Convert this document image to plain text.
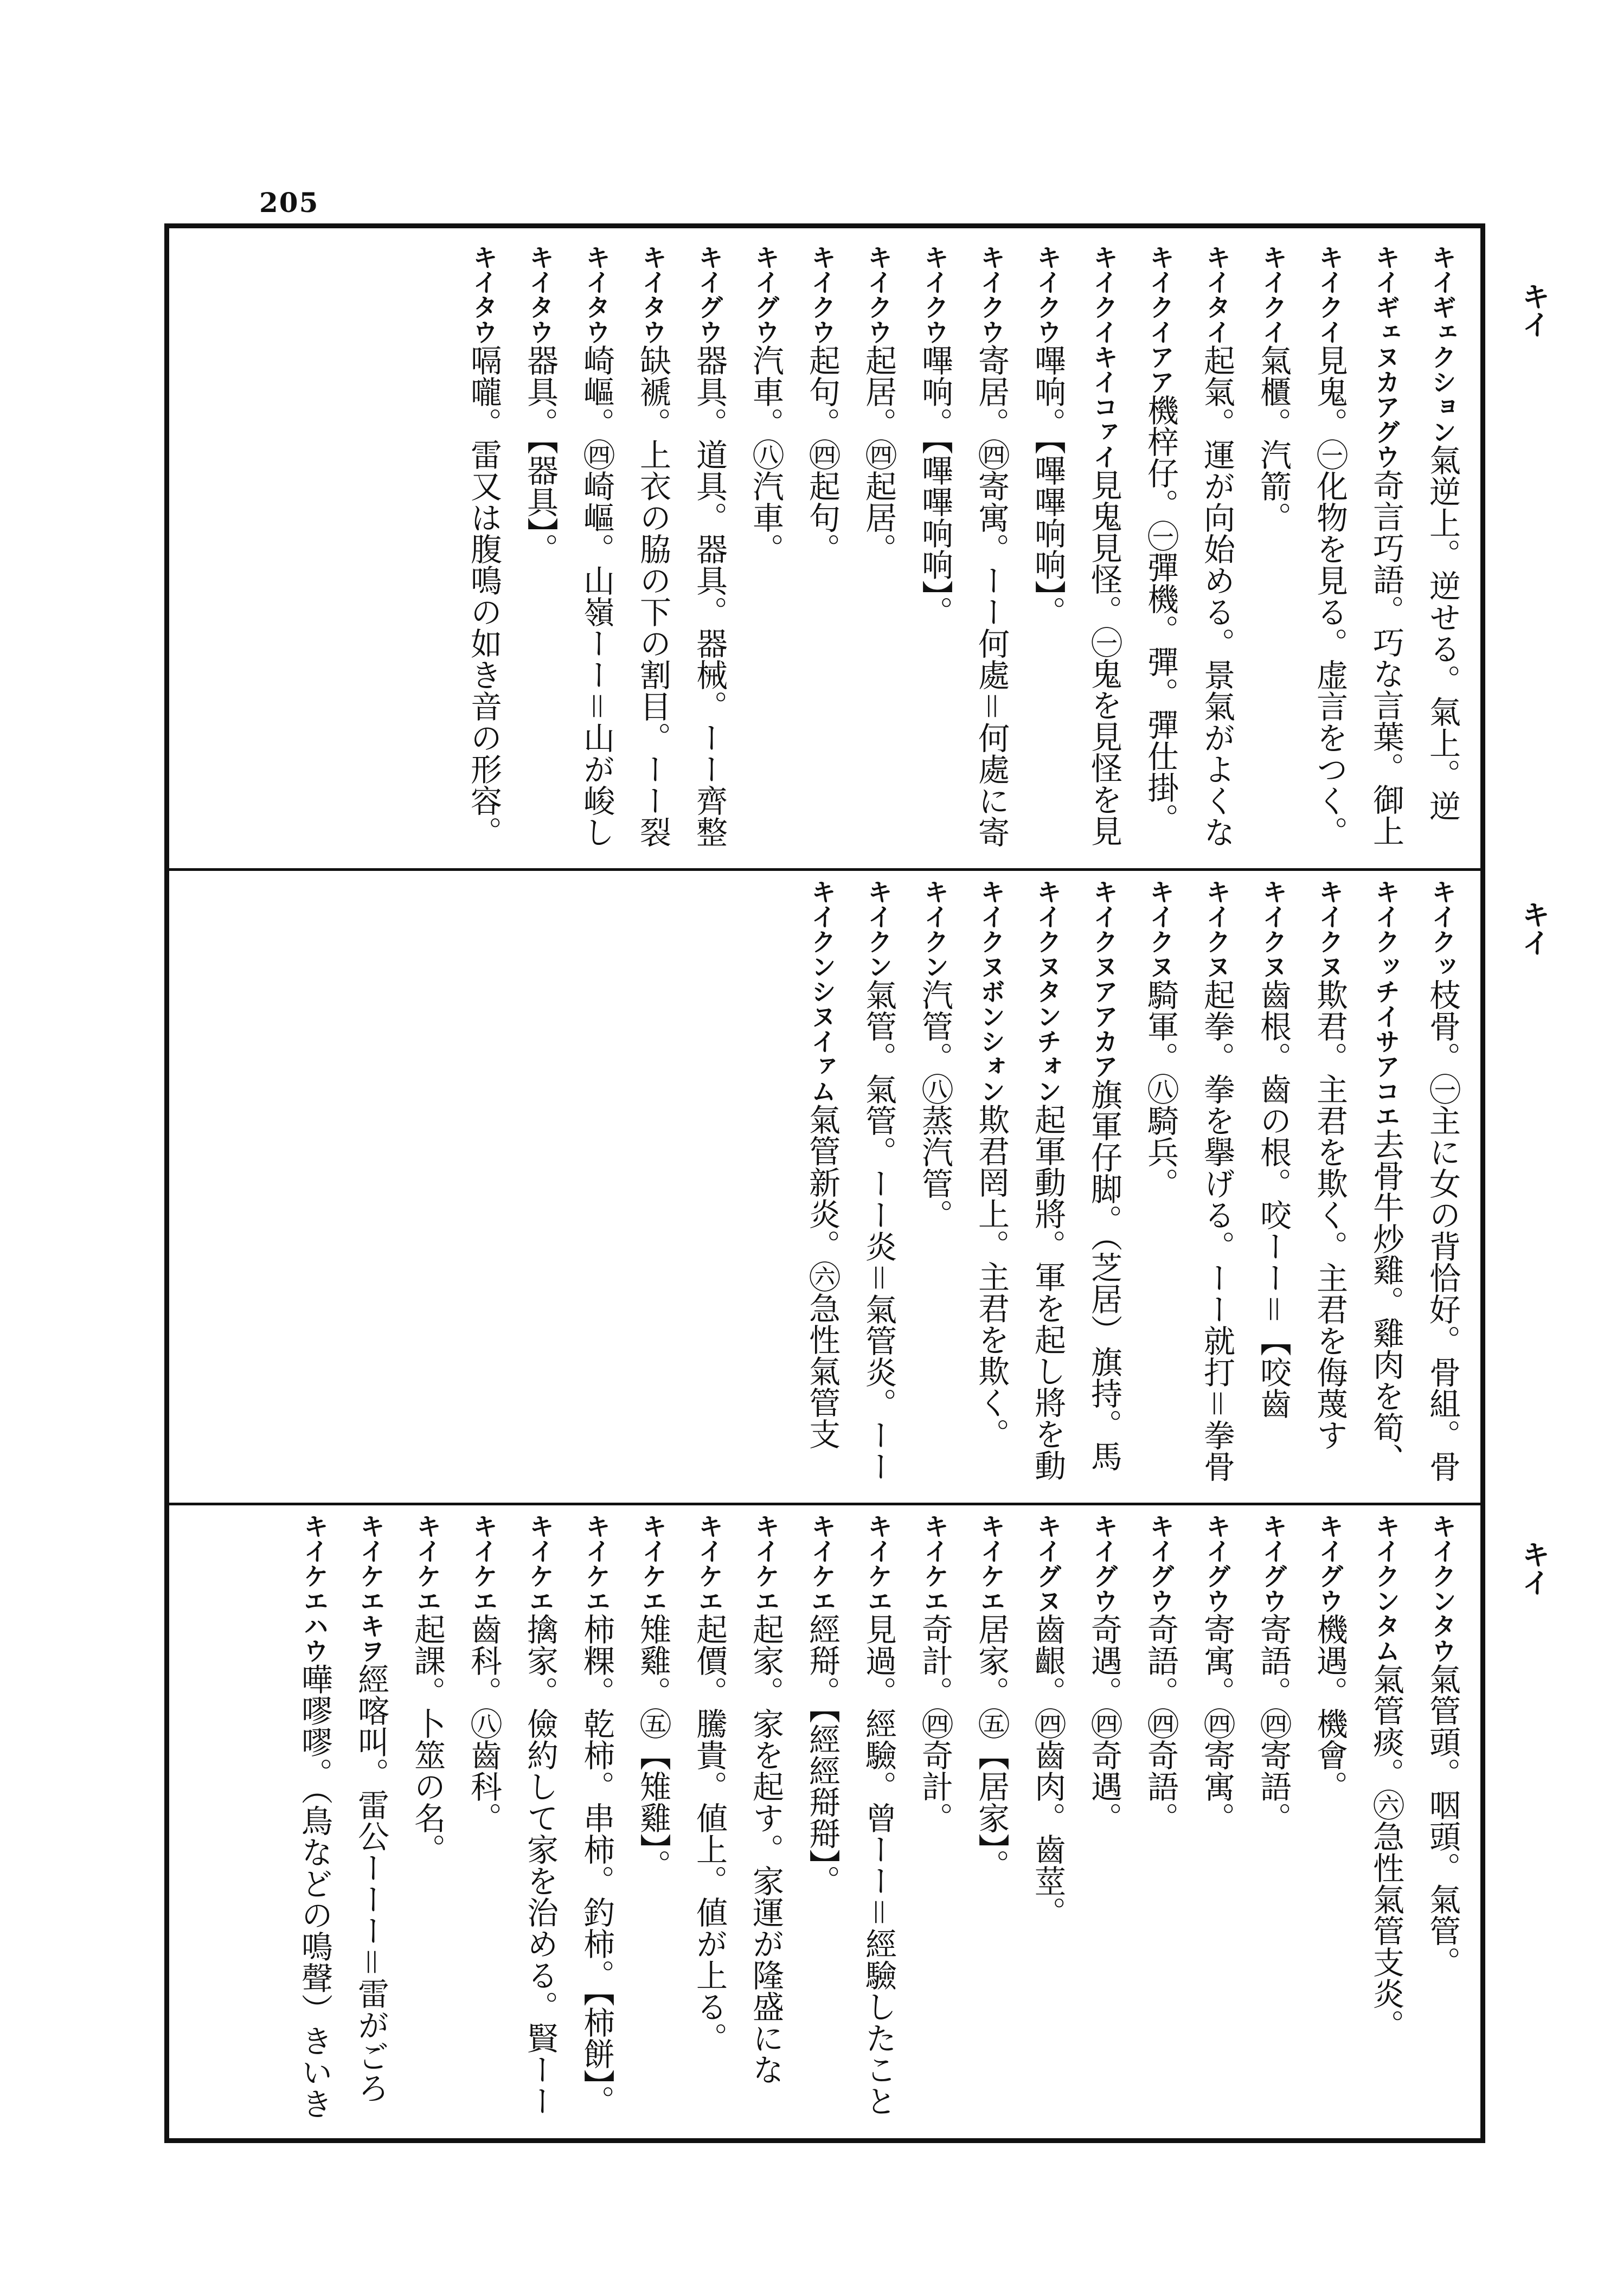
205
キイ
キイ
キイ
キイギェクション氣逆上。逆せる。氣上。逆
キイギェヌカアグウ奇言巧語。巧な言葉。御上
キイクイ見鬼。㊀化物を見る。虚言をつく。
キイクイ氣櫃。汽箭。
キイタイ起氣。運が向始める。景氣がよくな
キイクイアア機梓仔。㊀彈機。彈。彈仕掛。
キイクイキイコァイ見鬼見怪。㊀鬼を見怪を見
キイクウ嗶响。【嗶嗶响响】。
キイクウ寄居。㊃寄寓。ーー何處＝何處に寄
キイクウ嗶响。【嗶嗶响响】。
キイクウ起居。㊃起居。
キイクウ起句。㊃起句。
キイグウ汽車。㊇汽車。
キイグウ器具。道具。器具。器械。ーー齊整
キイタウ缺褫。上衣の脇の下の割目。ーー裂
キイタウ崎嶇。㊃崎嶇。山嶺ーー＝山が峻し
キイタウ器具。【器具】。
キイタウ嗝嚨。雷又は腹鳴の如き音の形容。
キイクッ枝骨。㊀主に女の背恰好。骨組。骨
キイクッチイサアコエ去骨牛炒雞。雞肉を筍、
キイクヌ欺君。主君を欺く。主君を侮蔑す
キイクヌ齒根。齒の根。咬ーー＝【咬齒
キイクヌ起拳。拳を擧げる。ーー就打＝拳骨
キイクヌ騎軍。㊇騎兵。
キイクヌアアカア旗軍仔脚。（芝居）旗持。馬
キイクヌタンチォン起軍動將。軍を起し將を動
キイクヌボンシォン欺君罔上。主君を欺く。
キイクン汽管。㊇蒸汽管。
キイクン氣管。氣管。ーー炎＝氣管炎。ーー
キイクンシヌイァム氣管新炎。㊅急性氣管支
キイクンタウ氣管頭。咽頭。氣管。
キイクンタム氣管痰。㊅急性氣管支炎。
キイグウ機遇。機會。
キイグウ寄語。㊃寄語。
キイグウ寄寓。㊃寄寓。
キイグウ奇語。㊃奇語。
キイグウ奇遇。㊃奇遇。
キイグヌ齒齦。㊃齒肉。齒莖。
キイケエ居家。㊄【居家】。
キイケエ奇計。㊃奇計。
キイケエ見過。經驗。曾ーー＝經驗したこと
キイケエ經搿。【經經搿搿】。
キイケエ起家。家を起す。家運が隆盛にな
キイケエ起價。騰貴。値上。値が上る。
キイケエ雉雞。㊄【雉雞】。
キイケエ柿粿。乾柿。串柿。釣柿。【柿餅】。
キイケエ擒家。儉約して家を治める。賢ーー
キイケエ齒科。㊇齒科。
キイケエ起課。卜筮の名。
キイケエキヲ經喀叫。雷公ーーー＝雷がごろ
キイケエハウ嘩嘐嘐。（鳥などの鳴聲）きいき
